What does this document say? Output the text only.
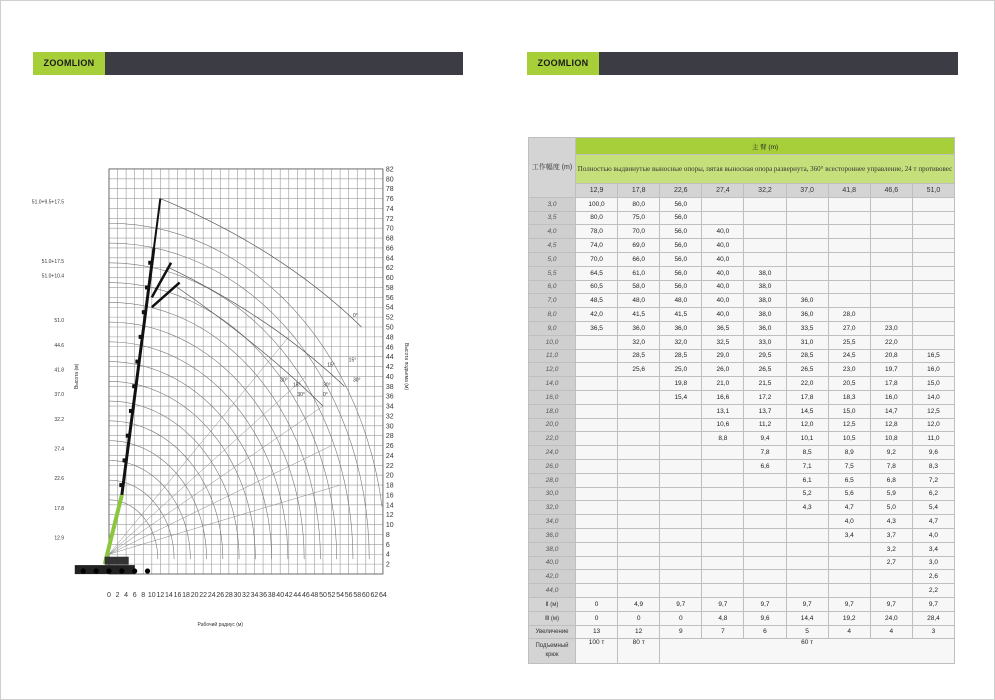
ZOOMLION	ZOOMLION
0 2 4 6 8 10 12 14 16 18 20 22 24 26 28 30 32 34 36 38 40 42 44 46 48 50 52 54 56 58 60 62 64
2
4
6
8
10
12
14
16
18
20
22
24
26
28
30
32
34
36
38
40
42
44
46
48
50
52
54
56
58
60
62
64
66
68
70
72
74
76
78
80
82
Рабочий радиус (м)
Высота подъема (м)
Высота (м)
51.0+9.5+17.5
51.0+17.5
51.0+10.4
51.0
44.6
41.8
37.0
32.2
27.4
22.6
17.8
12.9
0°
15°
30°
15°
30°
0°
15°
30°
30°
工作幅度 (m)	主 臂 (m)								
	Полностью выдвинутые выносные опоры, пятая выносная опора развернута, 360° всестороннее управление, 24 т противовес								
	12,9	17,8	22,6	27,4	32,2	37,0	41,8	46,6	51,0
3,0	100,0	80,0	56,0						
3,5	80,0	75,0	56,0						
4,0	78,0	70,0	56,0	40,0					
4,5	74,0	69,0	56,0	40,0					
5,0	70,0	66,0	56,0	40,0					
5,5	64,5	61,0	56,0	40,0	38,0				
6,0	60,5	58,0	56,0	40,0	38,0				
7,0	48,5	48,0	48,0	40,0	38,0	36,0			
8,0	42,0	41,5	41,5	40,0	38,0	36,0	28,0		
9,0	36,5	36,0	36,0	36,5	36,0	33,5	27,0	23,0	
10,0		32,0	32,0	32,5	33,0	31,0	25,5	22,0	
11,0		28,5	28,5	29,0	29,5	28,5	24,5	20,8	16,5
12,0		25,6	25,0	26,0	26,5	26,5	23,0	19,7	16,0
14,0			19,8	21,0	21,5	22,0	20,5	17,8	15,0
16,0			15,4	16,6	17,2	17,8	18,3	16,0	14,0
18,0				13,1	13,7	14,5	15,0	14,7	12,5
20,0				10,6	11,2	12,0	12,5	12,8	12,0
22,0				8,8	9,4	10,1	10,5	10,8	11,0
24,0					7,8	8,5	8,9	9,2	9,6
26,0					6,6	7,1	7,5	7,8	8,3
28,0						6,1	6,5	6,8	7,2
30,0						5,2	5,6	5,9	6,2
32,0						4,3	4,7	5,0	5,4
34,0							4,0	4,3	4,7
36,0							3,4	3,7	4,0
38,0								3,2	3,4
40,0								2,7	3,0
42,0									2,6
44,0									2,2
Ⅱ (м)	0	4,9	9,7	9,7	9,7	9,7	9,7	9,7	9,7
Ⅲ (м)	0	0	0	4,8	9,6	14,4	19,2	24,0	28,4
Увеличение	13	12	9	7	6	5	4	4	3
Подъемный крюк	100 т	80 т	60 т						
